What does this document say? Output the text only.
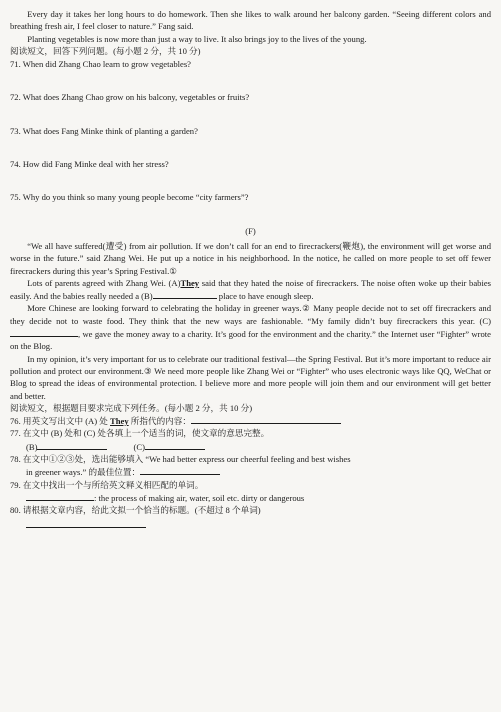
Every day it takes her long hours to do homework. Then she likes to walk around her balcony garden. “Seeing different colors and breathing fresh air, I feel closer to nature.” Fang said.

Planting vegetables is now more than just a way to live. It also brings joy to the lives of the young.

阅读短文，回答下列问题。(每小题 2 分，共 10 分)

71. When did Zhang Chao learn to grow vegetables?

72. What does Zhang Chao grow on his balcony, vegetables or fruits?

73. What does Fang Minke think of planting a garden?

74. How did Fang Minke deal with her stress?

75. Why do you think so many young people become “city farmers”?

(F)

“We all have suffered(遭受) from air pollution. If we don’t call for an end to firecrackers(鞭炮), the environment will get worse and worse in the future.” said Zhang Wei. He put up a notice in his neighborhood. In the notice, he called on more people to set off fewer firecrackers during this year’s Spring Festival.①

Lots of parents agreed with Zhang Wei. (A)They said that they hated the noise of firecrackers. The noise often woke up their babies easily. And the babies really needed a (B)	place to have enough sleep.

More Chinese are looking forward to celebrating the holiday in greener ways.② Many people decide not to set off firecrackers and they decide not to waste food. They think that the new ways are fashionable. “My family didn’t buy firecrackers this year. (C), we gave the money away to a charity. It’s good for the environment and the charity.” the Internet user “Fighter” wrote on the Blog.

In my opinion, it’s very important for us to celebrate our traditional festival—the Spring Festival. But it’s more important to reduce air pollution and protect our environment.③ We need more people like Zhang Wei or “Fighter” who uses electronic ways like QQ, WeChat or Blog to spread the ideas of environmental protection. I believe more and more people will join them and our environment will get better and better.

阅读短文，根据题目要求完成下列任务。(每小题 2 分，共 10 分)

76. 用英文写出文中 (A) 处 They 所指代的内容：

77. 在文中 (B) 处和 (C) 处各填上一个适当的词，使文章的意思完整。

(B)	(C)

78. 在文中①②③处，选出能够填入 “We had better express our cheerful feeling and best wishes

in greener ways.” 的最佳位置：

79. 在文中找出一个与所给英文释义相匹配的单词。

: the process of making air, water, soil etc. dirty or dangerous

80. 请根据文章内容，给此文拟一个恰当的标题。(不超过 8 个单词)
